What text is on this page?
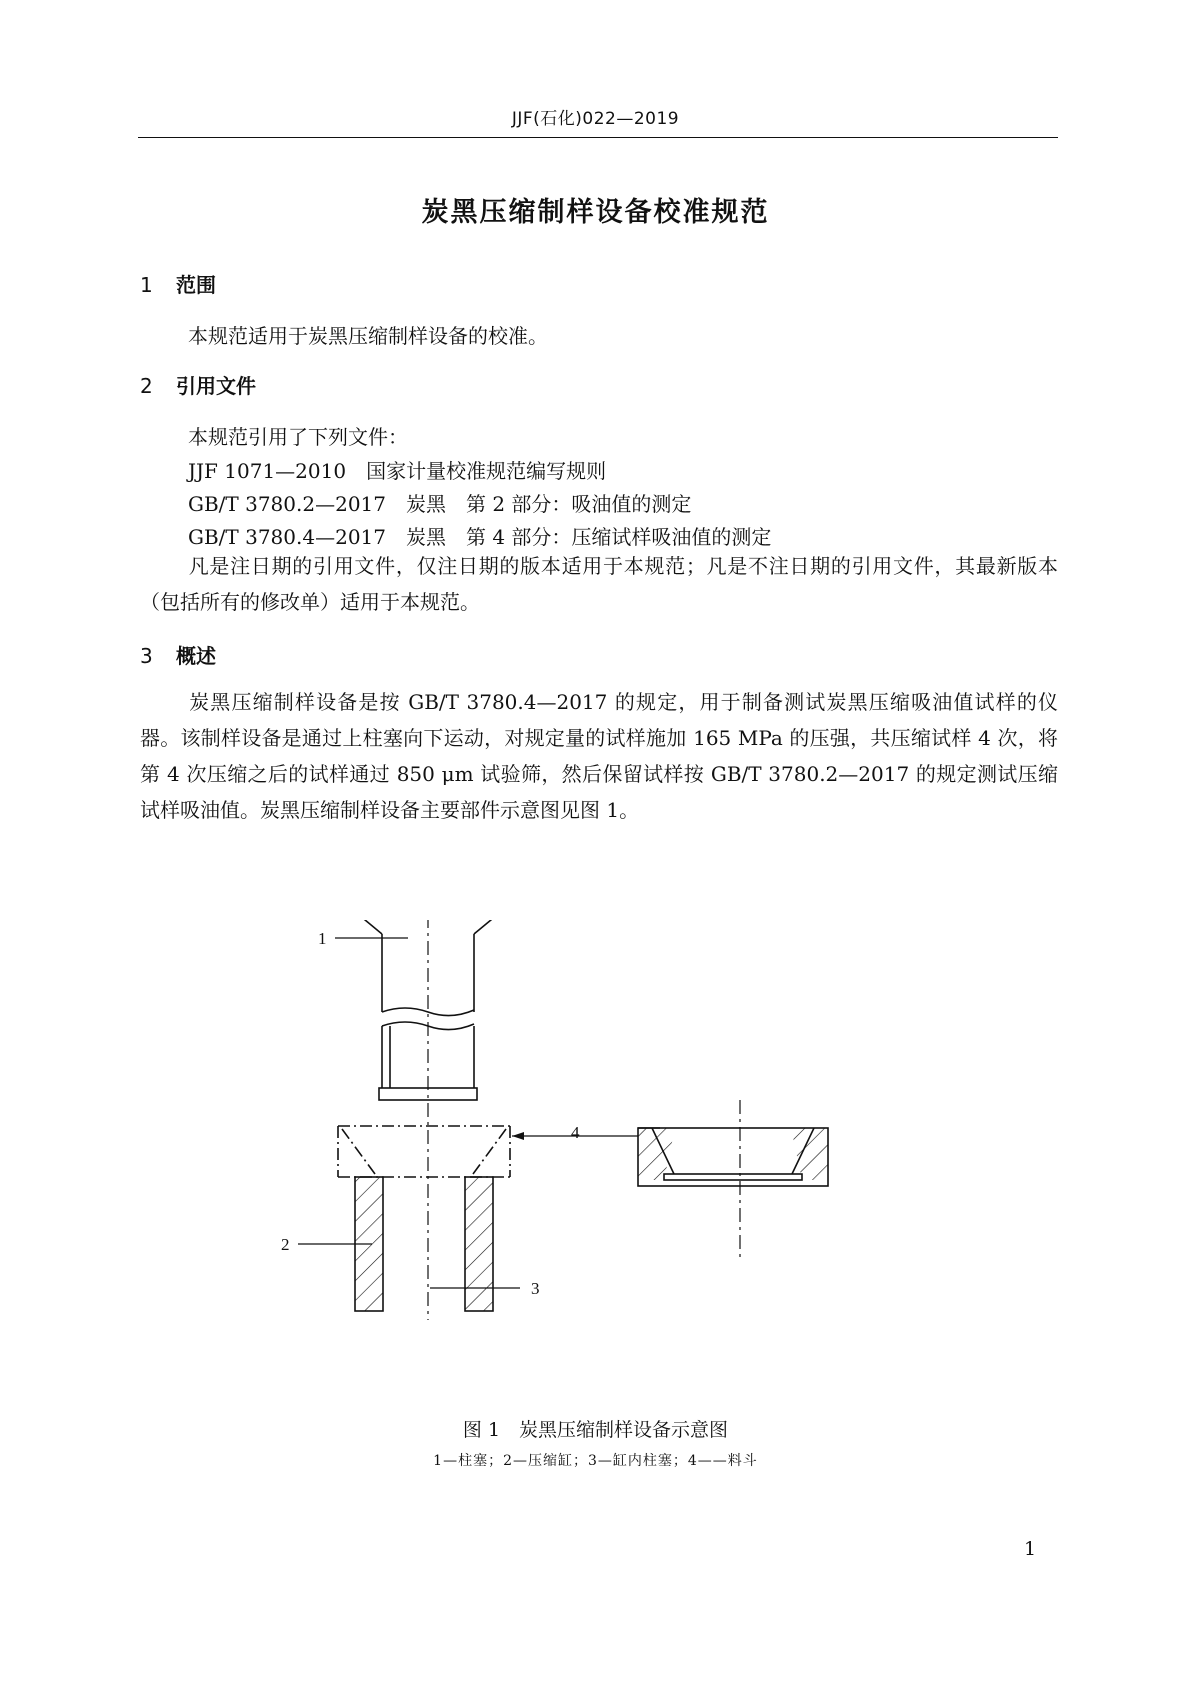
JJF(石化)022—2019
炭黑压缩制样设备校准规范
1 范围
本规范适用于炭黑压缩制样设备的校准。
2 引用文件
本规范引用了下列文件：
JJF 1071—2010　国家计量校准规范编写规则
GB/T 3780.2—2017　炭黑　第 2 部分：吸油值的测定
GB/T 3780.4—2017　炭黑　第 4 部分：压缩试样吸油值的测定
凡是注日期的引用文件，仅注日期的版本适用于本规范；凡是不注日期的引用文件，其最新版本（包括所有的修改单）适用于本规范。
3 概述
炭黑压缩制样设备是按 GB/T 3780.4—2017 的规定，用于制备测试炭黑压缩吸油值试样的仪器。该制样设备是通过上柱塞向下运动，对规定量的试样施加 165 MPa 的压强，共压缩试样 4 次，将第 4 次压缩之后的试样通过 850 μm 试验筛，然后保留试样按 GB/T 3780.2—2017 的规定测试压缩试样吸油值。炭黑压缩制样设备主要部件示意图见图 1。
1
2
3
4
图 1　炭黑压缩制样设备示意图
1—柱塞；2—压缩缸；3—缸内柱塞；4——料斗
1
